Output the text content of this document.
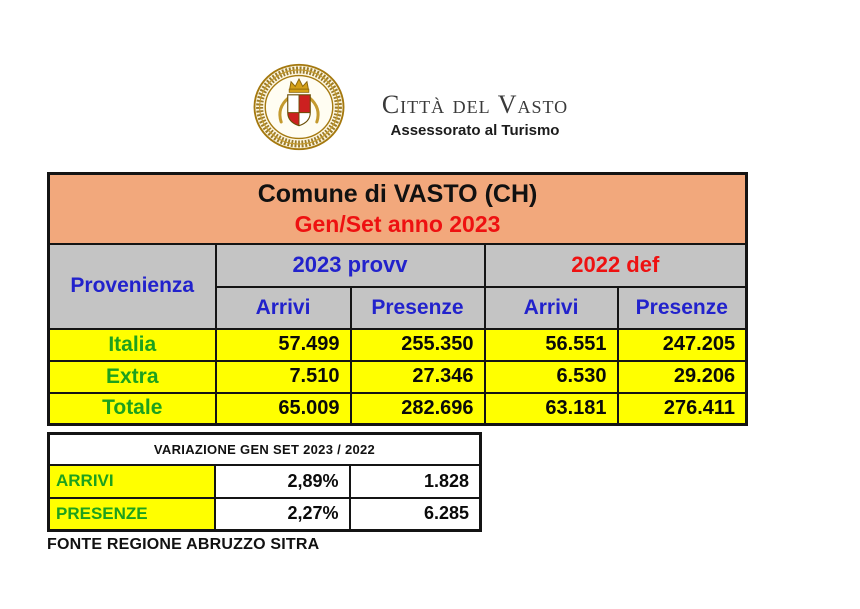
Città del Vasto
Assessorato al Turismo
Comune di VASTO (CH)
Gen/Set anno 2023				

Provenienza	2023 provv		2022 def	
	Arrivi	Presenze	Arrivi	Presenze
Italia	57.499	255.350	56.551	247.205
Extra	7.510	27.346	6.530	29.206
Totale	65.009	282.696	63.181	276.411
VARIAZIONE GEN SET 2023 / 2022		
ARRIVI	2,89%	1.828
PRESENZE	2,27%	6.285
FONTE REGIONE ABRUZZO SITRA
